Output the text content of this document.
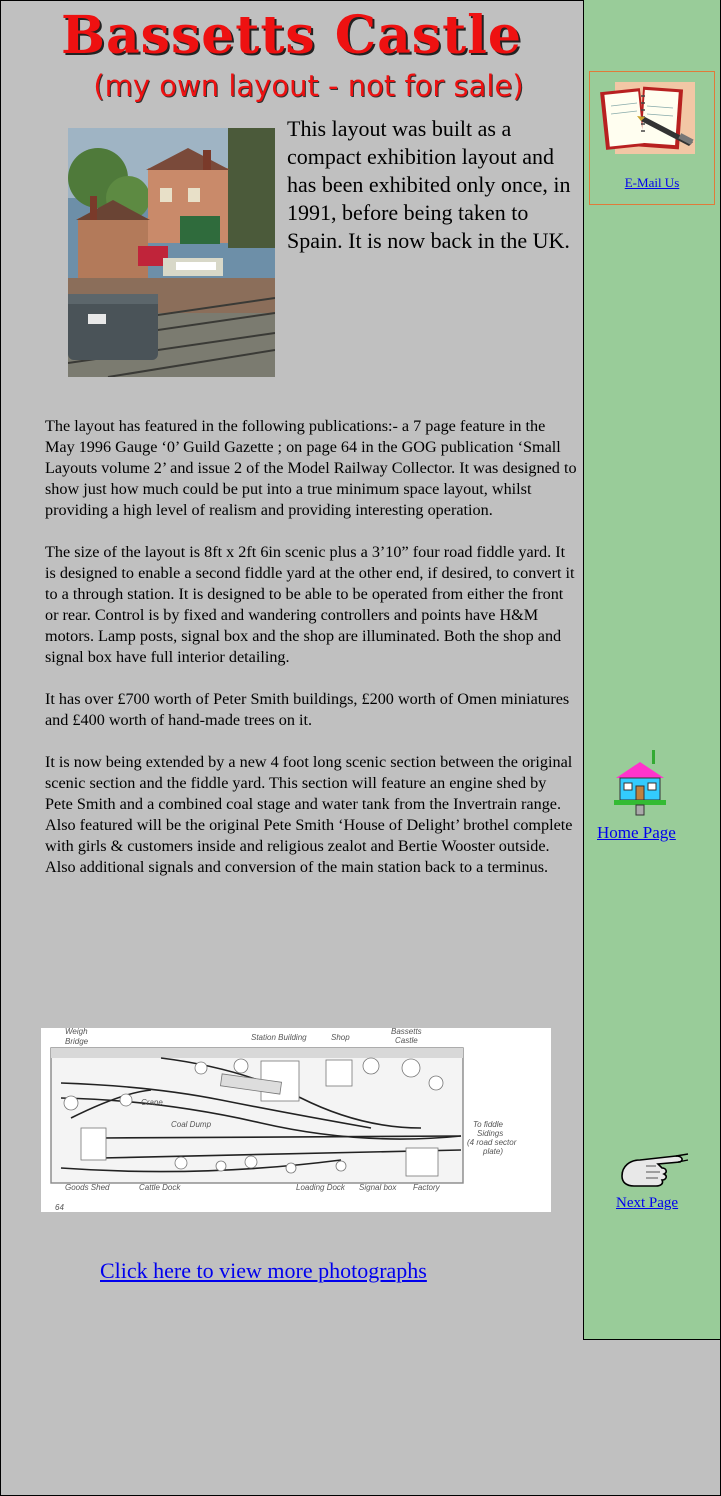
E-Mail Us
Home Page
Next Page
Bassetts Castle
(my own layout - not for sale)
This layout was built as a compact exhibition layout and has been exhibited only once, in 1991, before being taken to Spain. It is now back in the UK.

The layout has featured in the following publications:- a 7 page feature in the May 1996 Gauge ‘0’ Guild Gazette ; on page 64 in the GOG publication ‘Small Layouts volume 2’ and issue 2 of the Model Railway Collector. It was designed to show just how much could be put into a true minimum space layout, whilst providing a high level of realism and providing interesting operation.

The size of the layout is 8ft x 2ft 6in scenic plus a 3’10” four road fiddle yard. It is designed to enable a second fiddle yard at the other end, if desired, to convert it to a through station. It is designed to be able to be operated from either the front or rear. Control is by fixed and wandering controllers and points have H&M motors. Lamp posts, signal box and the shop are illuminated. Both the shop and signal box have full interior detailing.

It has over £700 worth of Peter Smith buildings, £200 worth of Omen miniatures and £400 worth of hand-made trees on it.

It is now being extended by a new 4 foot long scenic section between the original scenic section and the fiddle yard. This section will feature an engine shed by Pete Smith and a combined coal stage and water tank from the Invertrain range. Also featured will be the original Pete Smith ‘House of Delight’ brothel complete with girls & customers inside and religious zealot and Bertie Wooster outside. Also additional signals and conversion of the main station back to a terminus.

Weigh
Bridge	Station Building	Shop
Bassetts
Castle
Crane
Coal Dump	To fiddle
Sidings
(4 road sector
plate)
Goods Shed	Cattle Dock	Loading Dock Signal box Factory
64
Click here to view more photographs
